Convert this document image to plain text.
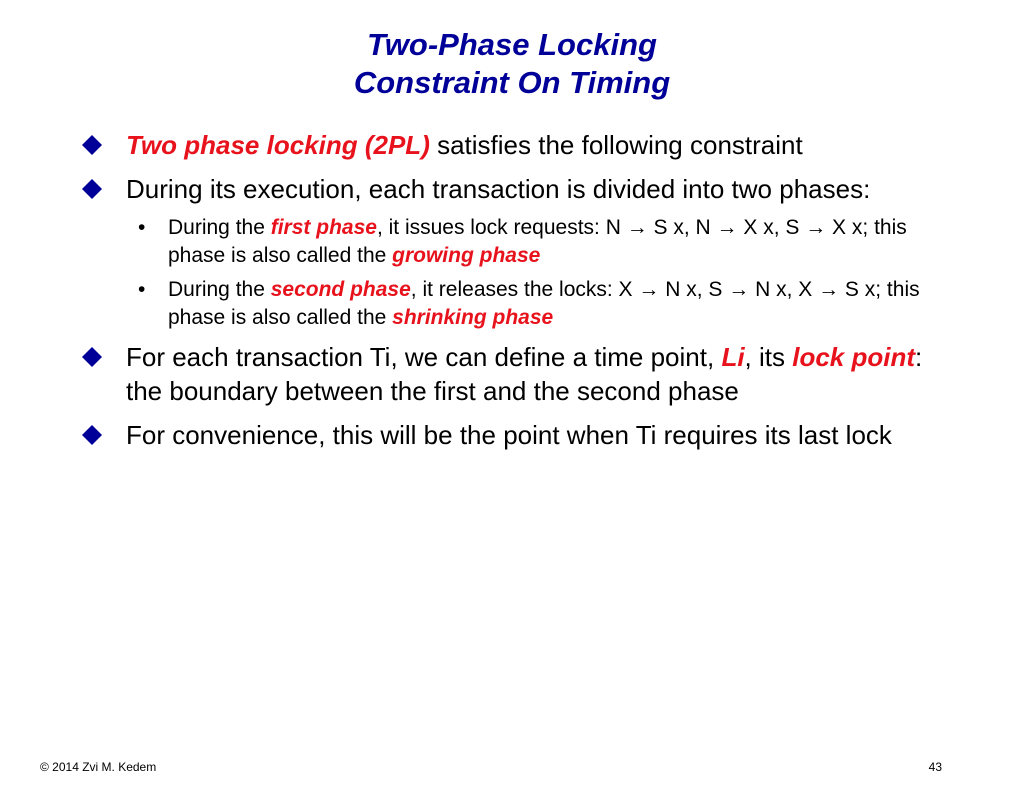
Two-Phase Locking
Constraint On Timing
Two phase locking (2PL) satisfies the following constraint
During its execution, each transaction is divided into two phases:
• During the first phase, it issues lock requests: N → S x, N → X x, S → X x; this phase is also called the growing phase
• During the second phase, it releases the locks: X → N x, S → N x, X → S x; this phase is also called the shrinking phase
For each transaction Ti, we can define a time point, Li, its lock point: the boundary between the first and the second phase
For convenience, this will be the point when Ti requires its last lock
© 2014 Zvi M. Kedem	43
